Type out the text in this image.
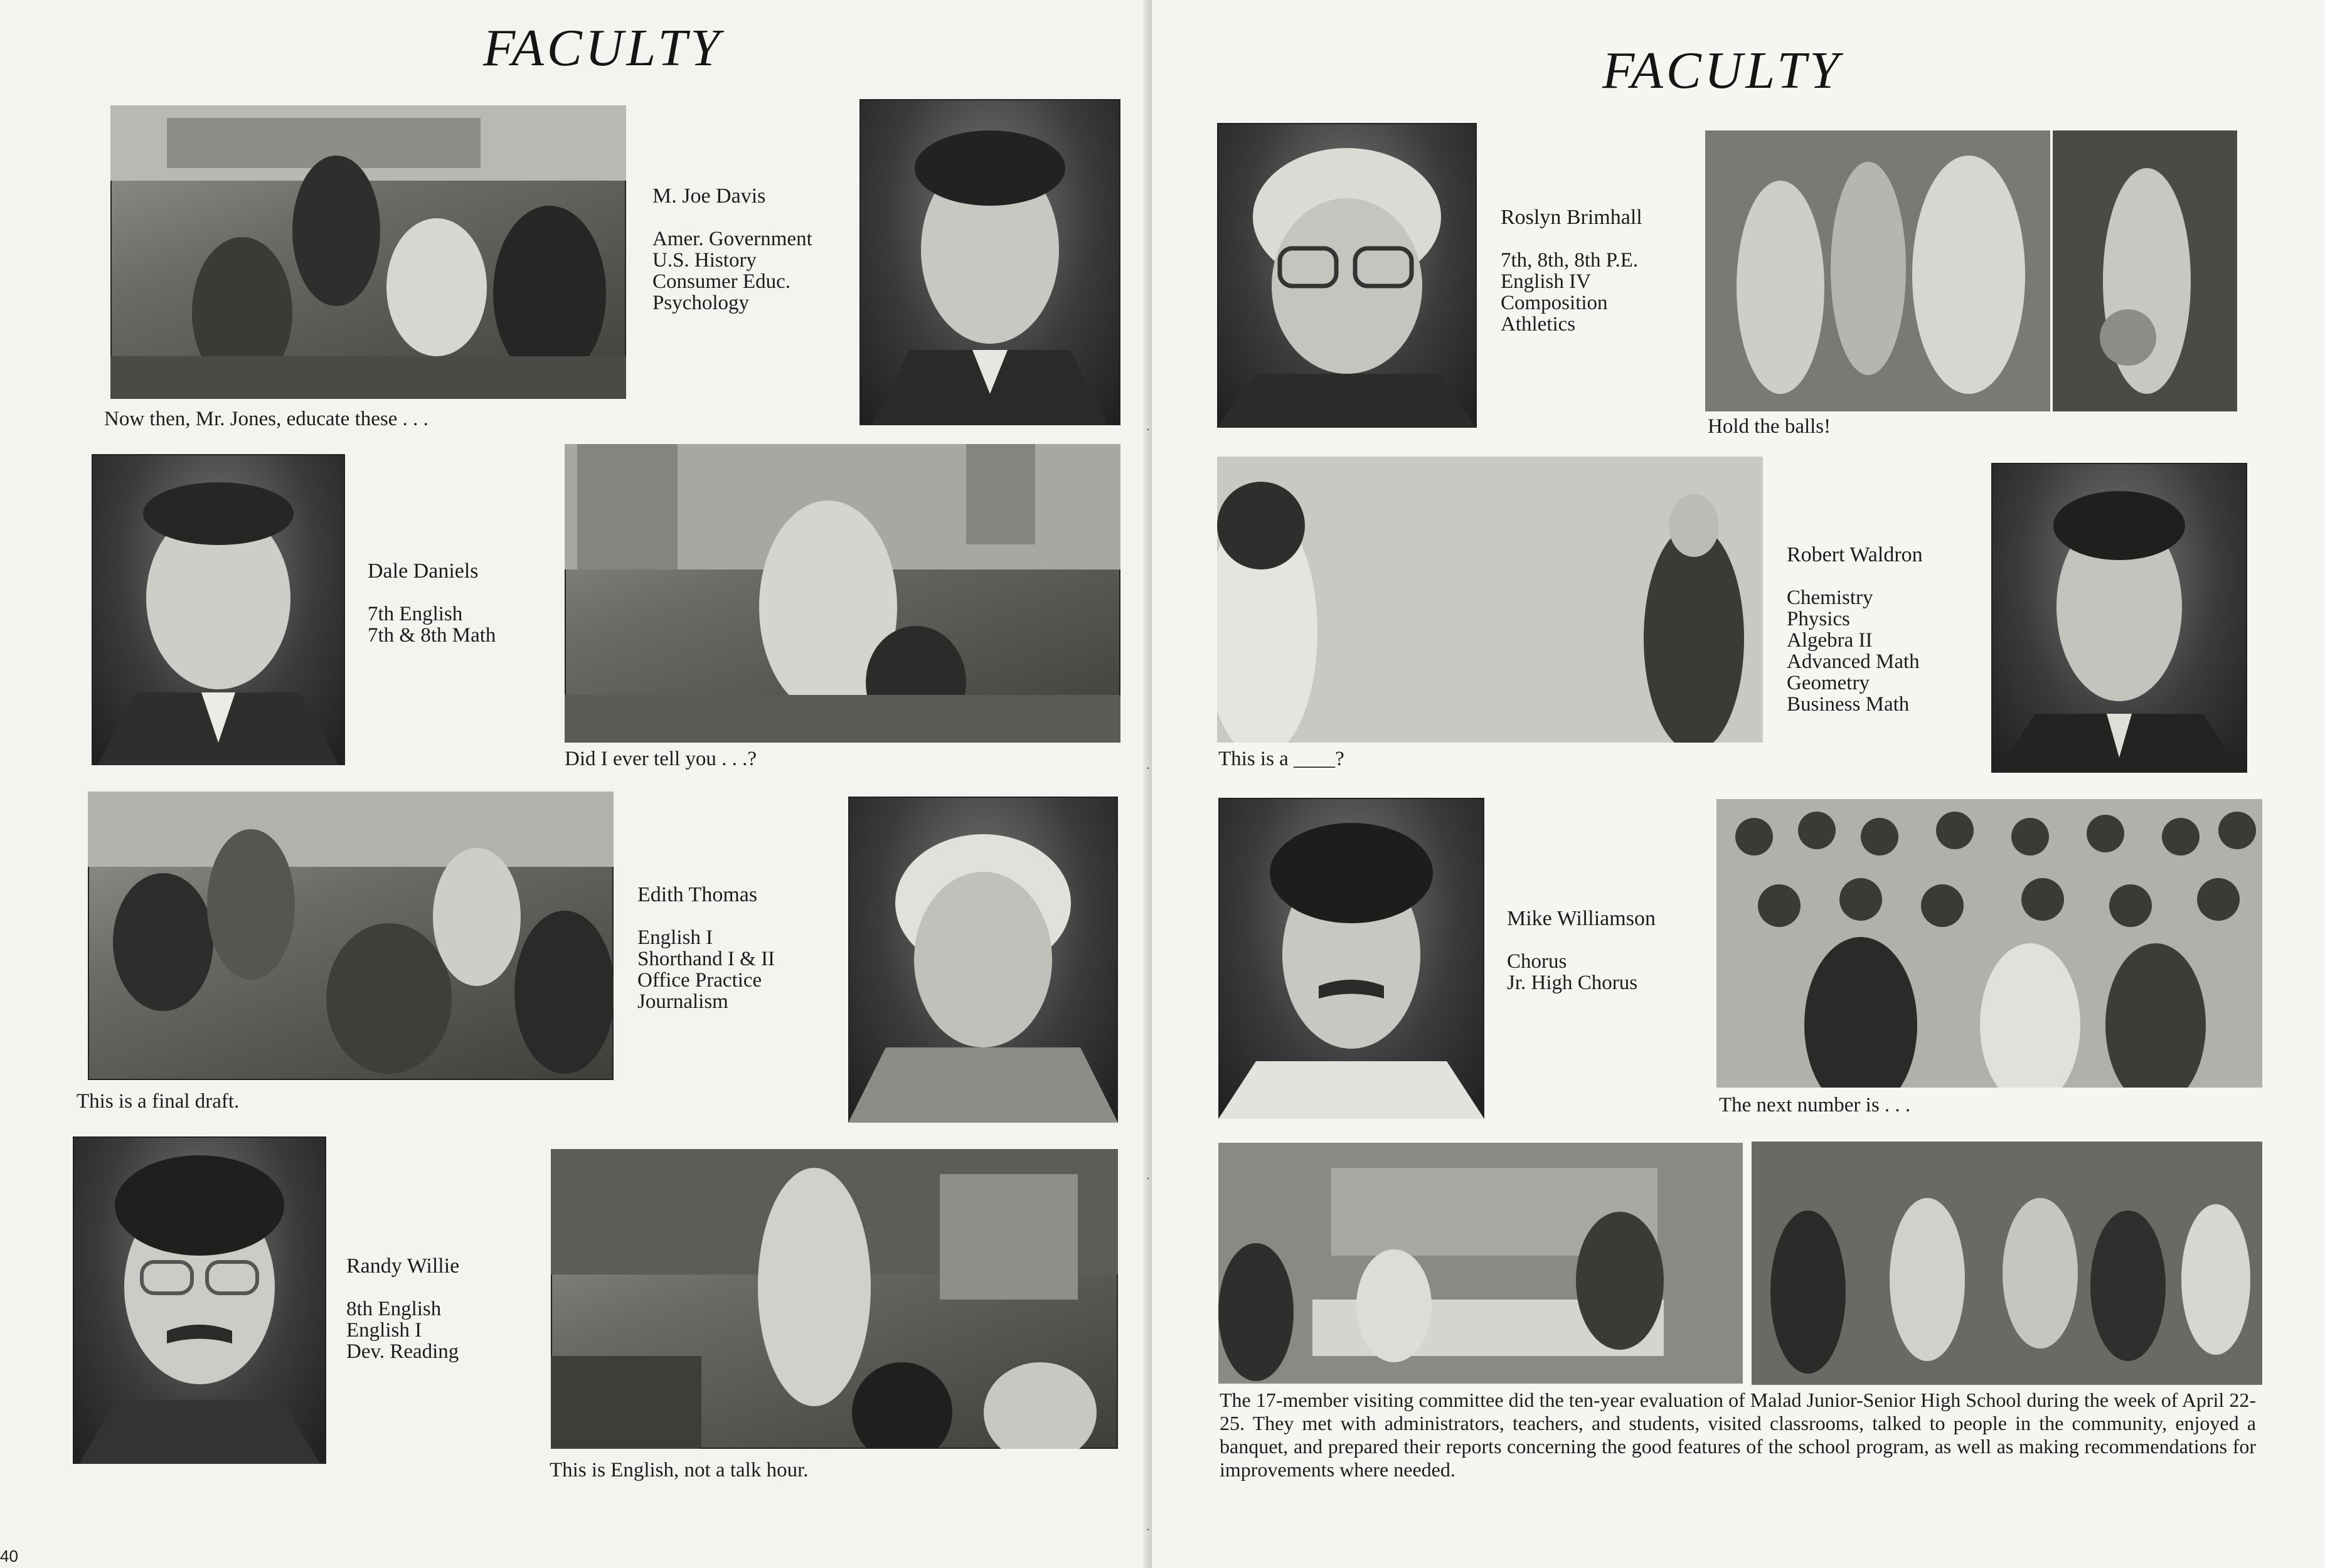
FACULTY
Now then, Mr. Jones, educate these . . .
M. Joe Davis
Amer. Government
U.S. History
Consumer Educ.
Psychology
Dale Daniels
7th English
7th & 8th Math
Did I ever tell you . . .?
This is a final draft.
Edith Thomas
English I
Shorthand I & II
Office Practice
Journalism
Randy Willie
8th English
English I
Dev. Reading
This is English, not a talk hour.
40
·
·
·
·
FACULTY
Roslyn Brimhall
7th, 8th, 8th P.E.
English IV
Composition
Athletics
Hold the balls!
This is a ____?
Robert Waldron
Chemistry
Physics
Algebra II
Advanced Math
Geometry
Business Math
Mike Williamson
Chorus
Jr. High Chorus
The next number is . . .
The 17-member visiting committee did the ten-year evaluation of Malad Junior-Senior High School during the week of April 22-25. They met with administrators, teachers, and students, visited classrooms, talked to people in the community, enjoyed a banquet, and prepared their reports concerning the good features of the school program, as well as making recommendations for improvements where needed.
